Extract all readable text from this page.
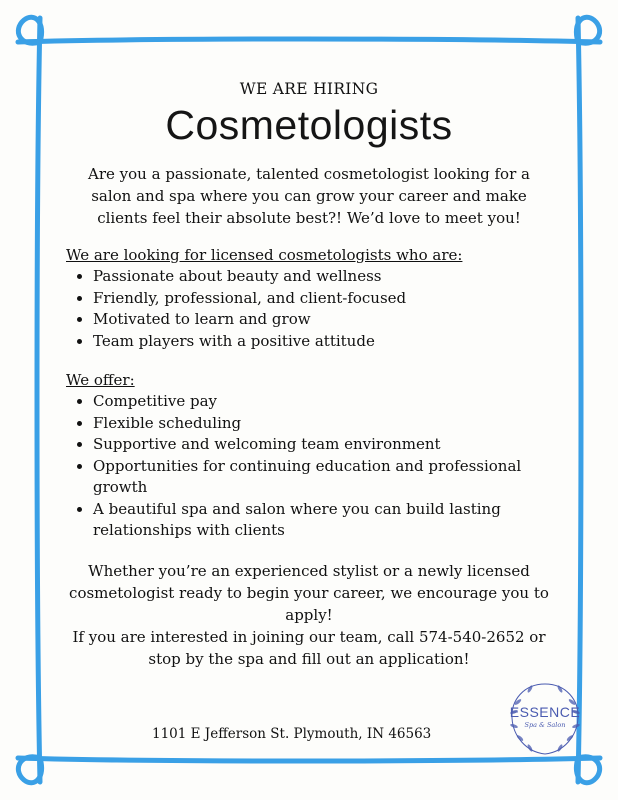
WE ARE HIRING

Cosmetologists

Are you a passionate, talented cosmetologist looking for a salon and spa where you can grow your career and make clients feel their absolute best?! We’d love to meet you!

We are looking for licensed cosmetologists who are:

• Passionate about beauty and wellness
• Friendly, professional, and client-focused
• Motivated to learn and grow
• Team players with a positive attitude

We offer:

• Competitive pay
• Flexible scheduling
• Supportive and welcoming team environment
• Opportunities for continuing education and professional growth
• A beautiful spa and salon where you can build lasting relationships with clients

Whether you’re an experienced stylist or a newly licensed cosmetologist ready to begin your career, we encourage you to apply!

If you are interested in joining our team, call 574-540-2652 or stop by the spa and fill out an application!

1101 E Jefferson St. Plymouth, IN 46563
ESSENCE
Spa & Salon
